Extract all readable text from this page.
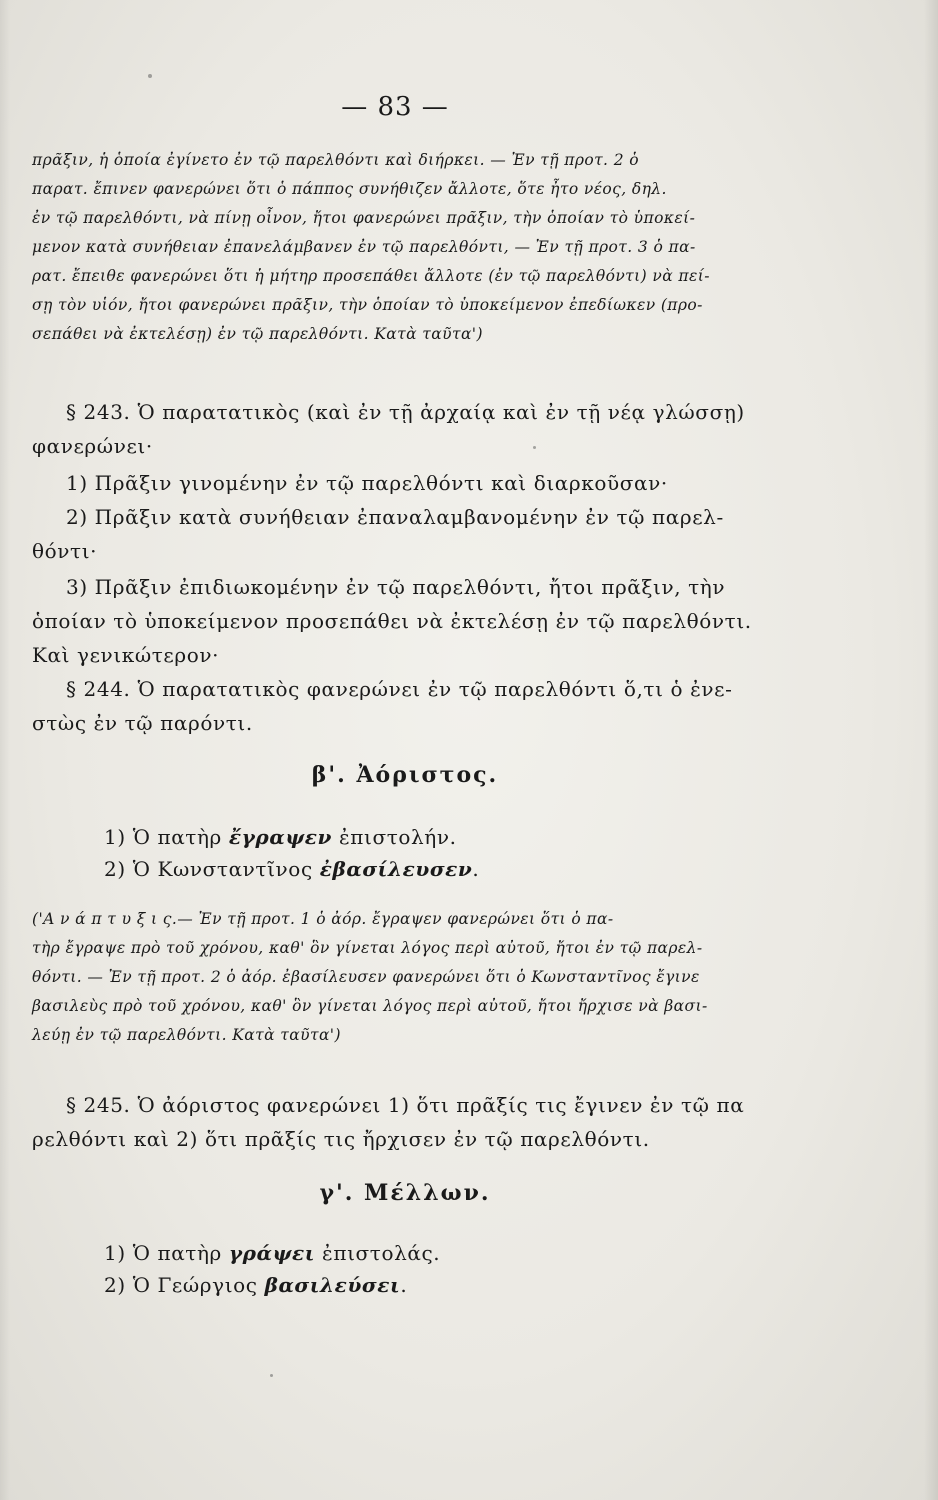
— 83 —

πρᾶξιν, ἡ ὁποία ἐγίνετο ἐν τῷ παρελθόντι καὶ διήρκει. — Ἐν τῇ προτ. 2 ὁ

παρατ. ἔπινεν φανερώνει ὅτι ὁ πάππος συνήθιζεν ἄλλοτε, ὅτε ἦτο νέος, δηλ.

ἐν τῷ παρελθόντι, νὰ πίνῃ οἶνον, ἤτοι φανερώνει πρᾶξιν, τὴν ὁποίαν τὸ ὑποκεί-

μενον κατὰ συνήθειαν ἐπανελάμβανεν ἐν τῷ παρελθόντι, — Ἐν τῇ προτ. 3 ὁ πα-

ρατ. ἔπειθε φανερώνει ὅτι ἡ μήτηρ προσεπάθει ἄλλοτε (ἐν τῷ παρελθόντι) νὰ πεί-

σῃ τὸν υἱόν, ἤτοι φανερώνει πρᾶξιν, τὴν ὁποίαν τὸ ὑποκείμενον ἐπεδίωκεν (προ-

σεπάθει νὰ ἐκτελέσῃ) ἐν τῷ παρελθόντι. Κατὰ ταῦτα')

§ 243. Ὁ παρατατικὸς (καὶ ἐν τῇ ἀρχαίᾳ καὶ ἐν τῇ νέᾳ γλώσσῃ)

φανερώνει·

1) Πρᾶξιν γινομένην ἐν τῷ παρελθόντι καὶ διαρκοῦσαν·

2) Πρᾶξιν κατὰ συνήθειαν ἐπαναλαμβανομένην ἐν τῷ παρελ-

θόντι·

3) Πρᾶξιν ἐπιδιωκομένην ἐν τῷ παρελθόντι, ἤτοι πρᾶξιν, τὴν

ὁποίαν τὸ ὑποκείμενον προσεπάθει νὰ ἐκτελέσῃ ἐν τῷ παρελθόντι.

Καὶ γενικώτερον·

§ 244. Ὁ παρατατικὸς φανερώνει ἐν τῷ παρελθόντι ὅ,τι ὁ ἐνε-

στὼς ἐν τῷ παρόντι.

β'. Ἀόριστος.
1) Ὁ πατὴρ ἔγραψεν ἐπιστολήν.
2) Ὁ Κωνσταντῖνος ἐβασίλευσεν.

('Α ν ά π τ υ ξ ι ς.— Ἐν τῇ προτ. 1 ὁ ἀόρ. ἔγραψεν φανερώνει ὅτι ὁ πα-

τὴρ ἔγραψε πρὸ τοῦ χρόνου, καθ' ὃν γίνεται λόγος περὶ αὐτοῦ, ἤτοι ἐν τῷ παρελ-

θόντι. — Ἐν τῇ προτ. 2 ὁ ἀόρ. ἐβασίλευσεν φανερώνει ὅτι ὁ Κωνσταντῖνος ἔγινε

βασιλεὺς πρὸ τοῦ χρόνου, καθ' ὃν γίνεται λόγος περὶ αὐτοῦ, ἤτοι ἤρχισε νὰ βασι-

λεύῃ ἐν τῷ παρελθόντι. Κατὰ ταῦτα')

§ 245. Ὁ ἀόριστος φανερώνει 1) ὅτι πρᾶξίς τις ἔγινεν ἐν τῷ πα

ρελθόντι καὶ 2) ὅτι πρᾶξίς τις ἤρχισεν ἐν τῷ παρελθόντι.

γ'. Μέλλων.
1) Ὁ πατὴρ γράψει ἐπιστολάς.
2) Ὁ Γεώργιος βασιλεύσει.
